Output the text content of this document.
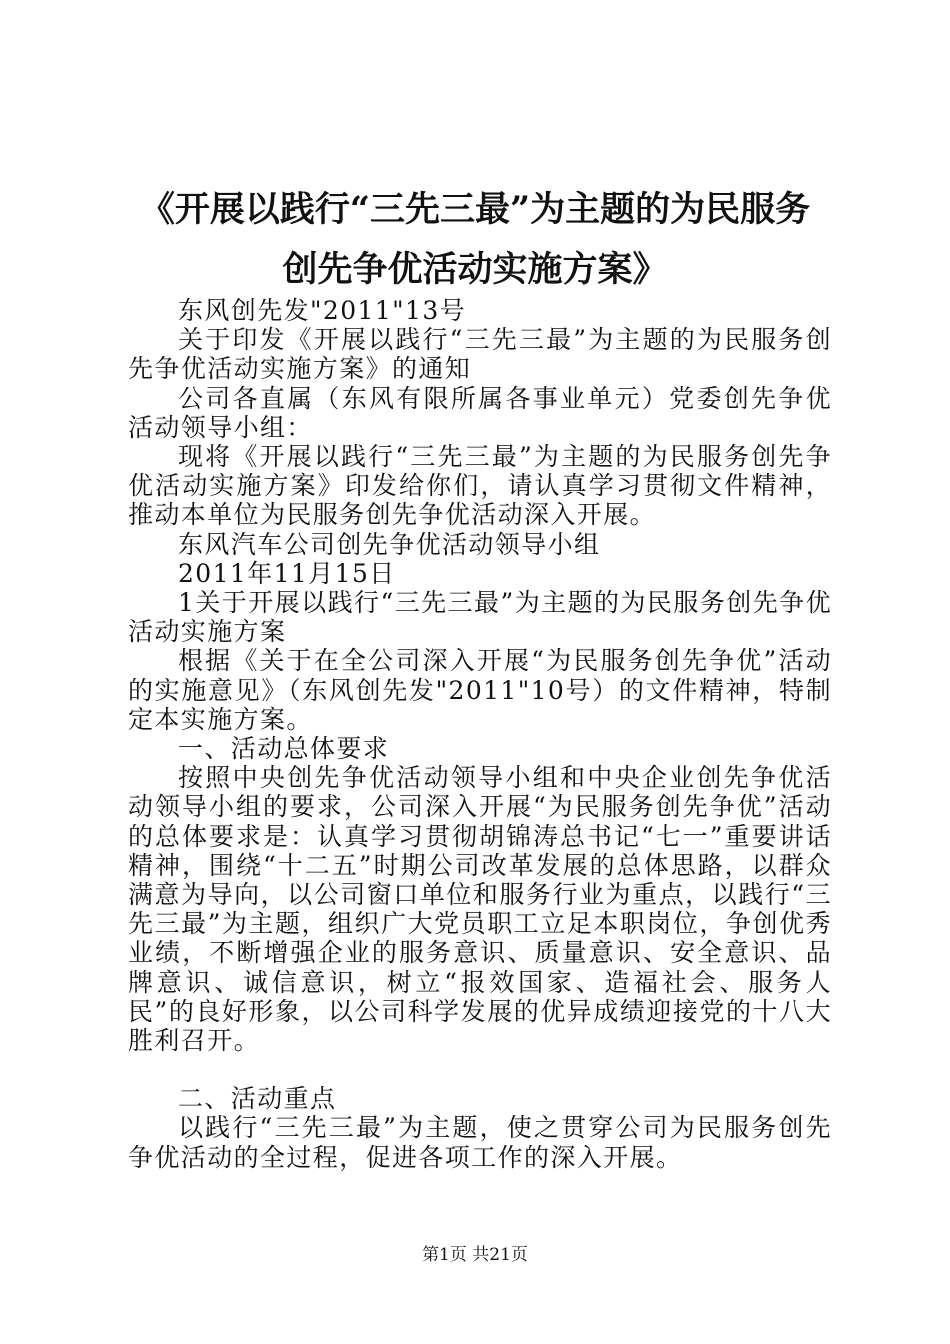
《开展以践行“三先三最”为主题的为民服务
创先争优活动实施方案》

东风创先发"2011"13号

关于印发《开展以践行“三先三最”为主题的为民服务创先争优活动实施方案》的通知

公司各直属（东风有限所属各事业单元）党委创先争优活动领导小组：

现将《开展以践行“三先三最”为主题的为民服务创先争优活动实施方案》印发给你们，请认真学习贯彻文件精神，推动本单位为民服务创先争优活动深入开展。

东风汽车公司创先争优活动领导小组

2011年11月15日

1关于开展以践行“三先三最”为主题的为民服务创先争优活动实施方案

根据《关于在全公司深入开展“为民服务创先争优”活动的实施意见》（东风创先发"2011"10号）的文件精神，特制定本实施方案。

一、活动总体要求

按照中央创先争优活动领导小组和中央企业创先争优活动领导小组的要求，公司深入开展“为民服务创先争优”活动的总体要求是：认真学习贯彻胡锦涛总书记“七一”重要讲话精神，围绕“十二五”时期公司改革发展的总体思路，以群众满意为导向，以公司窗口单位和服务行业为重点，以践行“三先三最”为主题，组织广大党员职工立足本职岗位，争创优秀业绩，不断增强企业的服务意识、质量意识、安全意识、品牌意识、诚信意识，树立“报效国家、造福社会、服务人民”的良好形象，以公司科学发展的优异成绩迎接党的十八大胜利召开。

二、活动重点

以践行“三先三最”为主题，使之贯穿公司为民服务创先争优活动的全过程，促进各项工作的深入开展。

第1页 共21页
